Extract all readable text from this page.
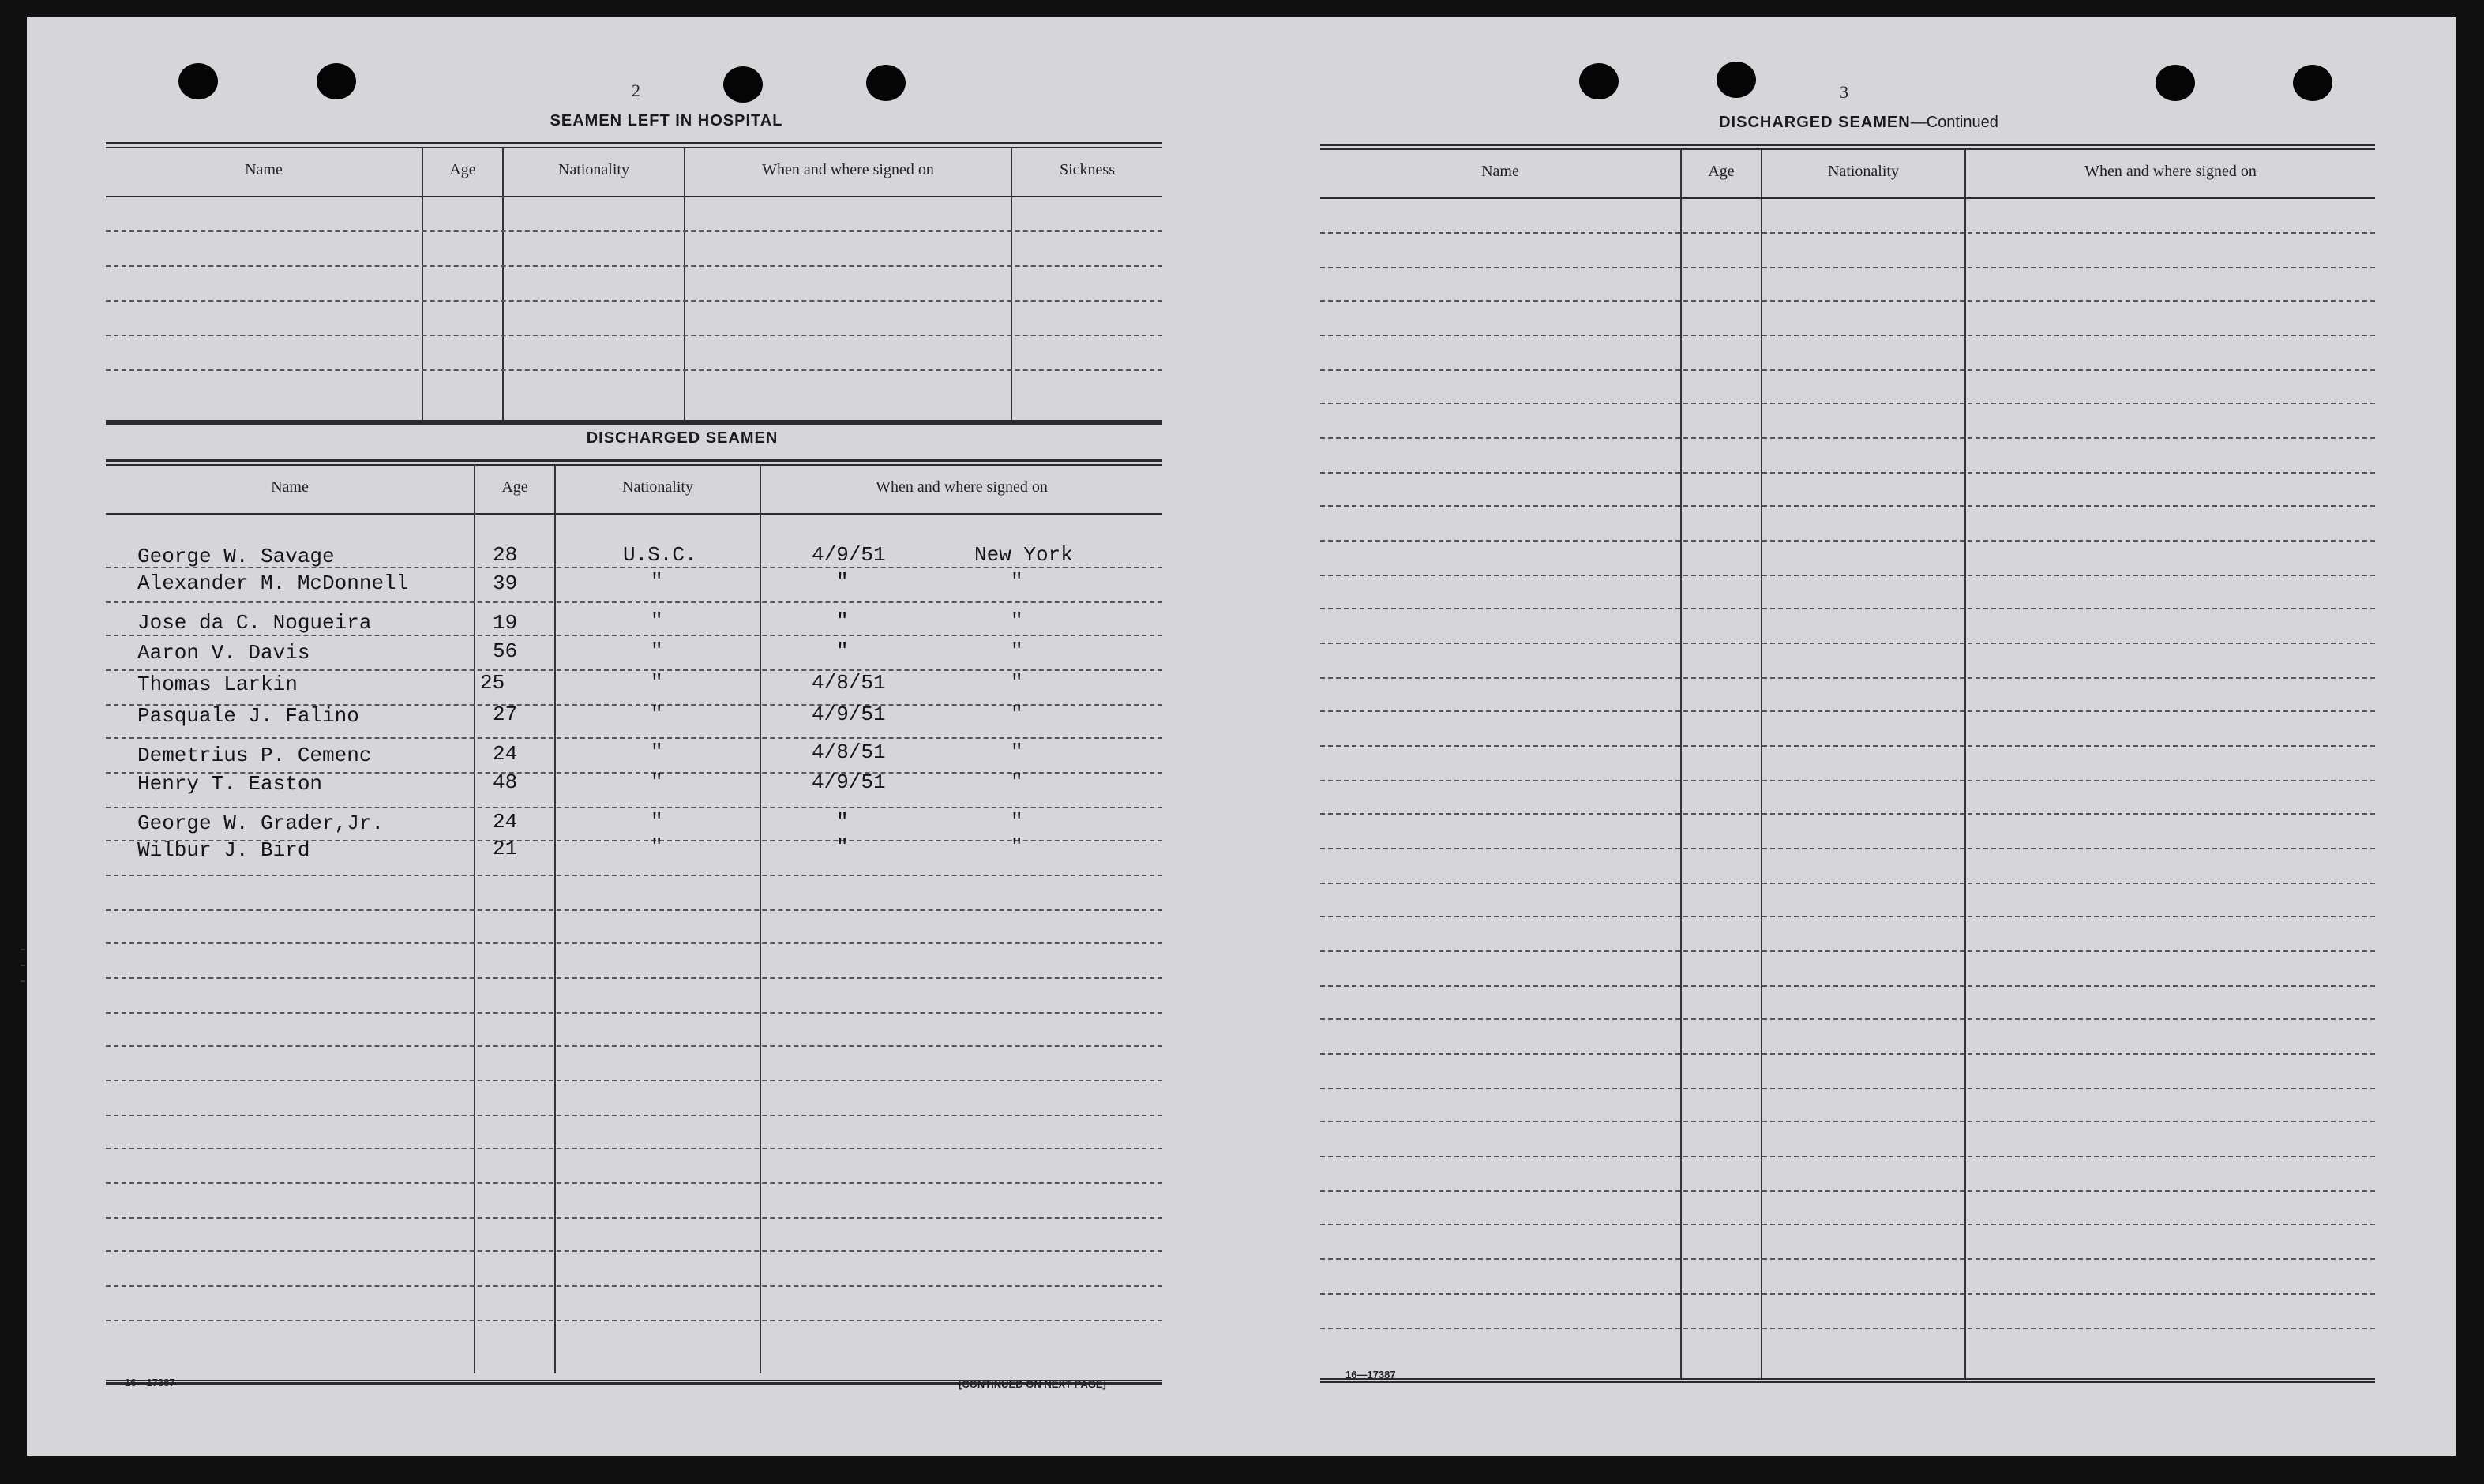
2
SEAMEN LEFT IN HOSPITAL
Name	Age	Nationality	When and where signed on	Sickness
DISCHARGED SEAMEN
Name	Age	Nationality	When and where signed on
George W. Savage	28	U.S.C.	4/9/51	New York
Alexander M. McDonnell	39	"	"	"
Jose da C. Nogueira	19	"	"	"
Aaron V. Davis	56	"	"	"
Thomas Larkin	25	"	4/8/51	"
Pasquale J. Falino	27	"	4/9/51	"
Demetrius P. Cemenc	24	"	4/8/51	"
Henry T. Easton	48	"	4/9/51	"
George W. Grader,Jr.	24	"	"	"
Wilbur J. Bird	21	"	"	"
16—17387	[CONTINUED ON NEXT PAGE]
3
DISCHARGED SEAMEN—Continued
Name	Age	Nationality	When and where signed on
16—17387
